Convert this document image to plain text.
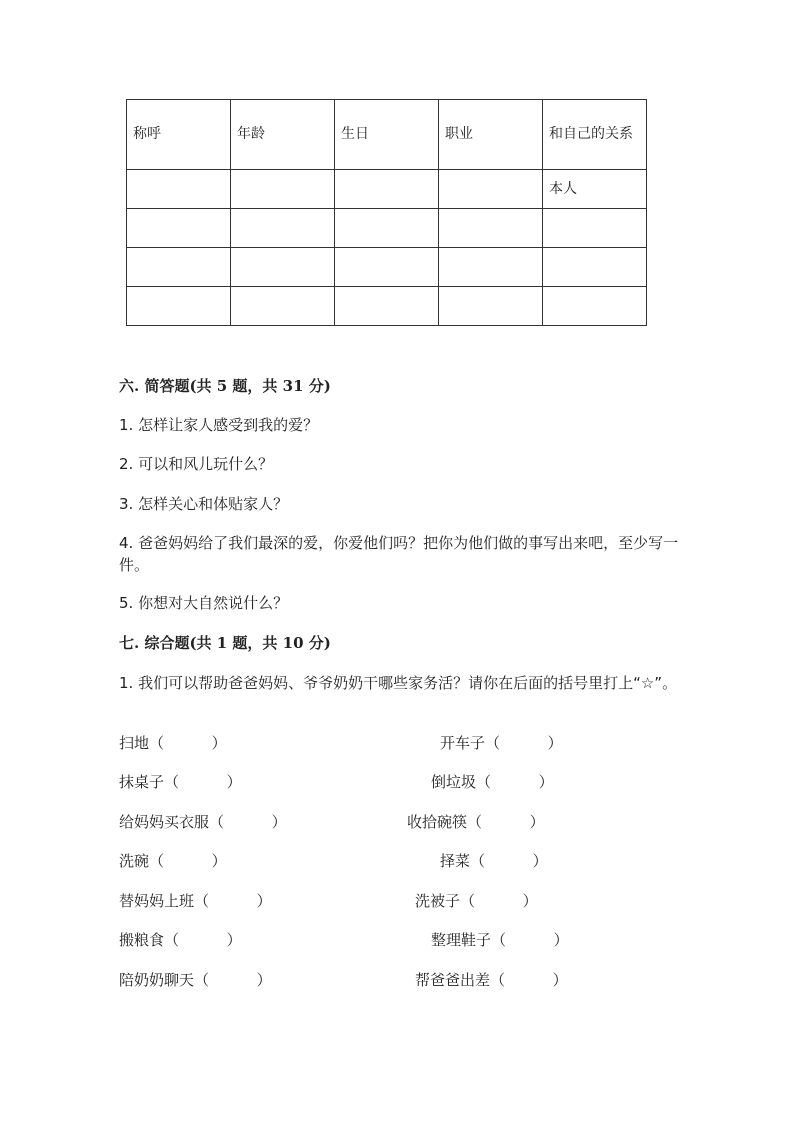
称呼	年龄	生日	职业	和自己的关系
				本人

六. 简答题(共 5 题，共 31 分)
1. 怎样让家人感受到我的爱？
2. 可以和风儿玩什么？
3. 怎样关心和体贴家人？
4. 爸爸妈妈给了我们最深的爱，你爱他们吗？把你为他们做的事写出来吧，至少写一件。
5. 你想对大自然说什么？
七. 综合题(共 1 题，共 10 分)
1. 我们可以帮助爸爸妈妈、爷爷奶奶干哪些家务活？请你在后面的括号里打上“☆”。
扫地（          ）
抹桌子（          ）
给妈妈买衣服（          ）
洗碗（          ）
替妈妈上班（          ）
搬粮食（          ）
陪奶奶聊天（          ）
开车子（          ）
倒垃圾（          ）
收拾碗筷（          ）
择菜（          ）
洗被子（          ）
整理鞋子（          ）
帮爸爸出差（          ）
